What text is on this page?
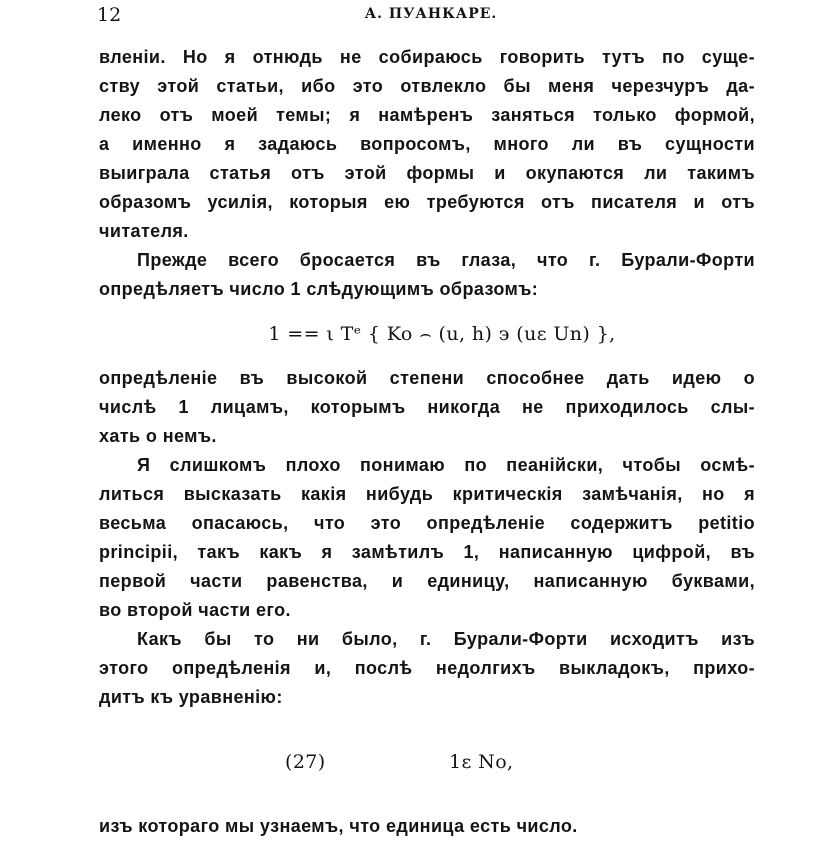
12	А. ПУАНКАРЕ.

вленіи. Но я отнюдь не собираюсь говорить тутъ по суще-
ству этой статьи, ибо это отвлекло бы меня черезчуръ да-
леко отъ моей темы; я намѣренъ заняться только формой,
а именно я задаюсь вопросомъ, много ли въ сущности
выиграла статья отъ этой формы и окупаются ли такимъ
образомъ усилія, которыя ею требуются отъ писателя и отъ
читателя.

Прежде всего бросается въ глаза, что г. Бурали-Форти
опредѣляетъ число 1 слѣдующимъ образомъ:

1 == ι Tᵉ { Ko ⌢ (u, h) ϶ (uε Un) },

опредѣленіе въ высокой степени способнее дать идею о
числѣ 1 лицамъ, которымъ никогда не приходилось слы-
хать о немъ.

Я слишкомъ плохо понимаю по пеанійски, чтобы осмѣ-
литься высказать какія нибудь критическія замѣчанія, но я
весьма опасаюсь, что это опредѣленіе содержитъ petitio
principii, такъ какъ я замѣтилъ 1, написанную цифрой, въ
первой части равенства, и единицу, написанную буквами,
во второй части его.

Какъ бы то ни было, г. Бурали-Форти исходитъ изъ
этого опредѣленія и, послѣ недолгихъ выкладокъ, прихо-
дитъ къ уравненію:

(27)	1ε No,

изъ котораго мы узнаемъ, что единица есть число.
